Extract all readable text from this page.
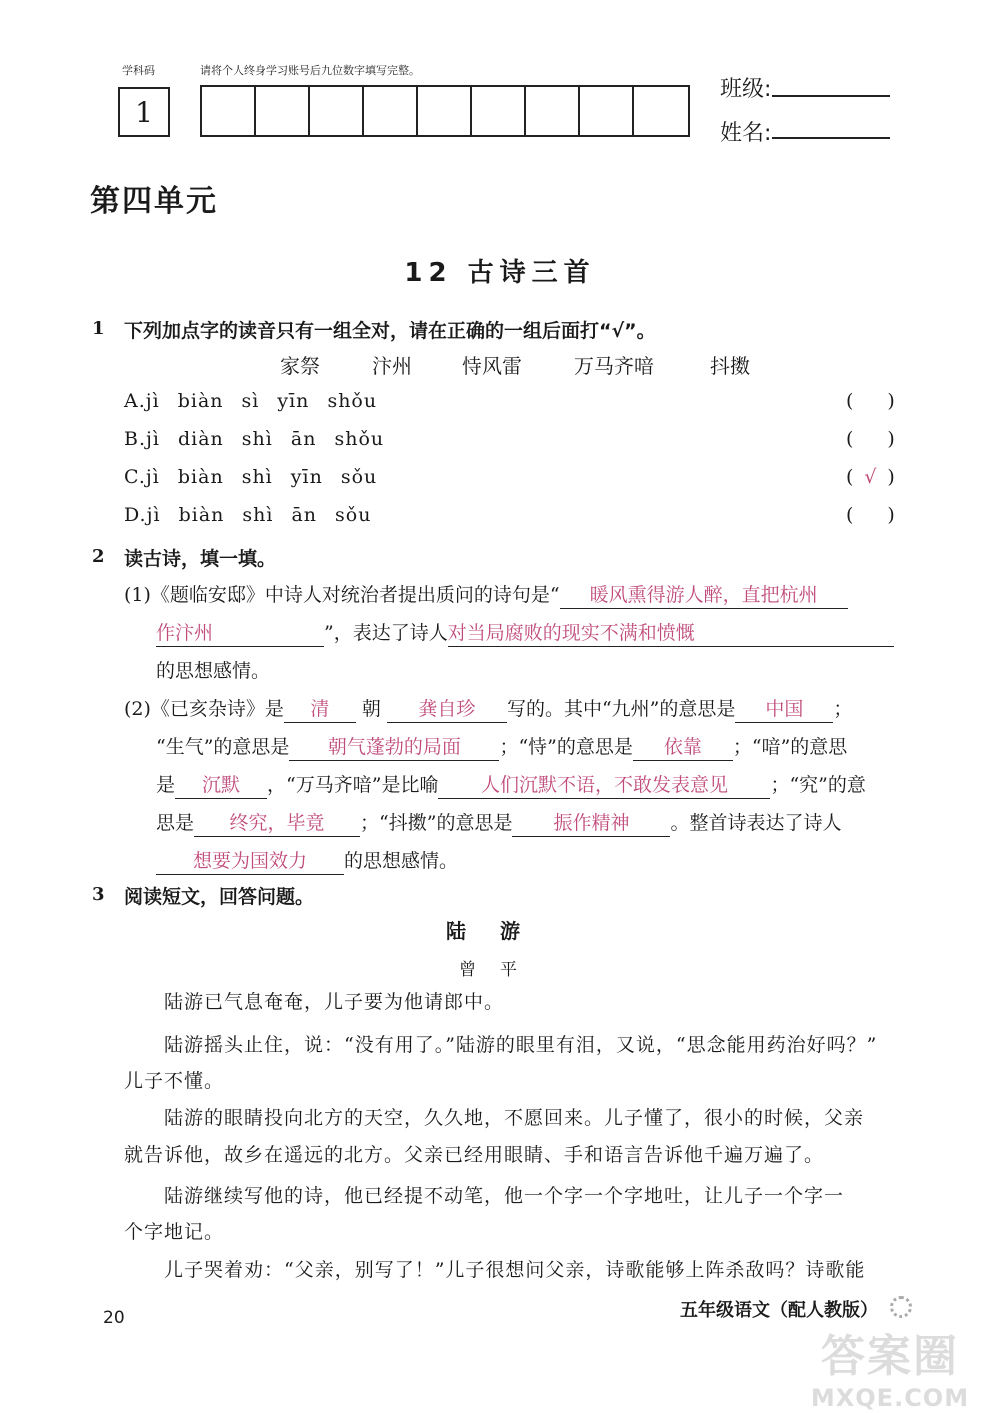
学科码	请将个人终身学习账号后九位数字填写完整。
1
班级:
姓名:
第四单元
12 古诗三首
1 下列加点字的读音只有一组全对，请在正确的一组后面打“√”。
家祭	汴州	恃风雷	万马齐喑	抖擞
A.jì biàn sì yīn shǒu	( )
B.jì diàn shì ān shǒu	( )
C.jì biàn shì yīn sǒu	( √ )
D.jì biàn shì ān sǒu	( )
2 读古诗，填一填。
(1)《题临安邸》中诗人对统治者提出质问的诗句是“ 暖风熏得游人醉，直把杭州
作汴州	”，表达了诗人对当局腐败的现实不满和愤慨
的思想感情。
(2)《已亥杂诗》是 清 朝 龚自珍 写的。其中“九州”的意思是 中国 ；
“生气”的意思是 朝气蓬勃的局面 ；“恃”的意思是 依靠 ；“喑”的意思
是 沉默 ，“万马齐喑”是比喻 人们沉默不语，不敢发表意见 ；“究”的意
思是 终究，毕竟 ；“抖擞”的意思是 振作精神 。整首诗表达了诗人
想要为国效力 的思想感情。
3 阅读短文，回答问题。
陆游
曾平
　　陆游已气息奄奄，儿子要为他请郎中。
　　陆游摇头止住，说：“没有用了。”陆游的眼里有泪，又说，“思念能用药治好吗？”
儿子不懂。
　　陆游的眼睛投向北方的天空，久久地，不愿回来。儿子懂了，很小的时候，父亲
就告诉他，故乡在遥远的北方。父亲已经用眼睛、手和语言告诉他千遍万遍了。
　　陆游继续写他的诗，他已经提不动笔，他一个字一个字地吐，让儿子一个字一
个字地记。
　　儿子哭着劝：“父亲，别写了！”儿子很想问父亲，诗歌能够上阵杀敌吗？诗歌能
20	五年级语文（配人教版）
答案圈
MXQE.COM
